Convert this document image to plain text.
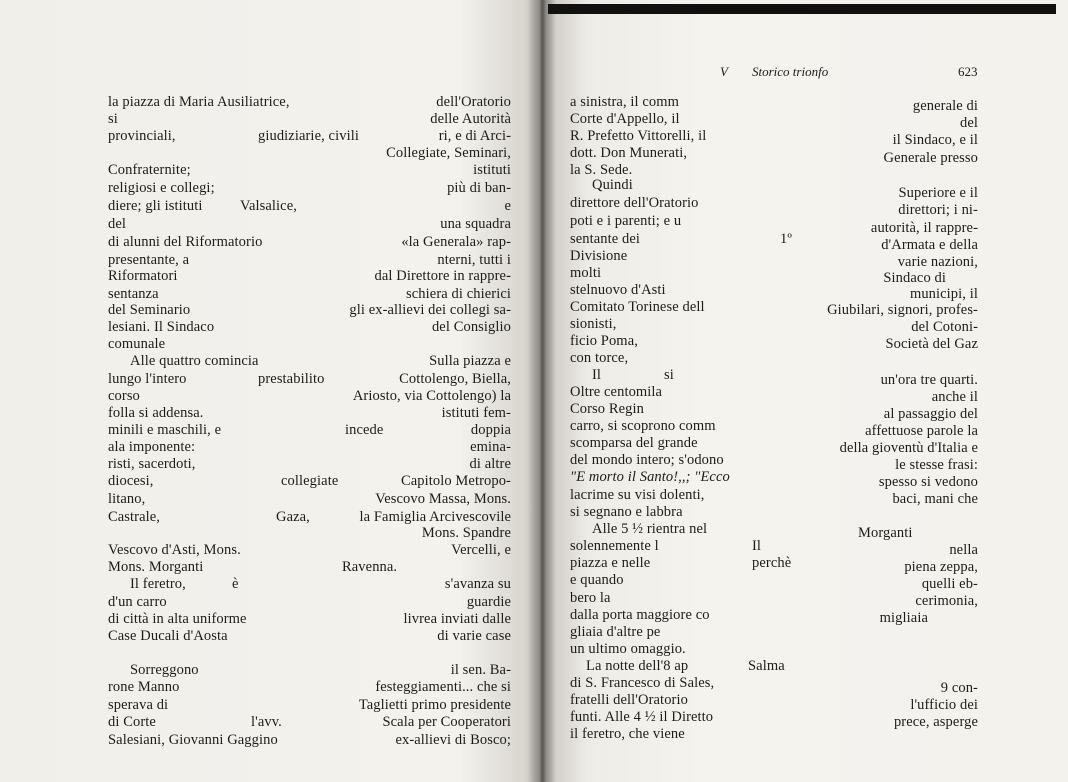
V Storico trionfo	623
la piazza di Maria Ausiliatrice,
si
provinciali,
Confraternite;
religiosi e collegi;
diere; gli istituti
del
di alunni del Riformatorio
presentante, a
Riformatori
sentanza
del Seminario
lesiani. Il Sindaco
comunale
Alle quattro comincia
lungo l'intero
corso
folla si addensa.
minili e maschili, e
ala imponente:
risti, sacerdoti,
diocesi,
litano,
Castrale,
Vescovo d'Asti, Mons.
Mons. Morganti
Il feretro,
d'un carro
di città in alta uniforme
Case Ducali d'Aosta
Sorreggono
rone Manno
sperava di
di Corte
Salesiani, Giovanni Gaggino
giudiziarie, civili
Valsalice,
prestabilito
incede
collegiate
Gaza,
è
l'avv.
dell'Oratorio
delle Autorità
ri, e di Arci-
Collegiate, Seminari,
istituti
più di ban-
e
una squadra
«la Generala» rap-
nterni, tutti i
dal Direttore in rappre-
schiera di chierici
gli ex-allievi dei collegi sa-
del Consiglio
Sulla piazza e
Cottolengo, Biella,
Ariosto, via Cottolengo) la
istituti fem-
doppia
emina-
di altre
Capitolo Metropo-
Vescovo Massa, Mons.
la Famiglia Arcivescovile
Mons. Spandre
Vercelli, e
Ravenna.
s'avanza su
guardie
livrea inviati dalle
di varie case
il sen. Ba-
festeggiamenti... che si
Taglietti primo presidente
Scala per Cooperatori
ex-allievi di Bosco;
a sinistra, il comm
Corte d'Appello, il
R. Prefetto Vittorelli, il
dott. Don Munerati,
la S. Sede.
Quindi
direttore dell'Oratorio
poti e i parenti; e u
sentante dei
Divisione
molti
stelnuovo d'Asti
Comitato Torinese dell
sionisti,
ficio Poma,
con torce,
Il
Oltre centomila
Corso Regin
carro, si scoprono comm
scomparsa del grande
del mondo intero; s'odono
"E morto il Santo!,,; "Ecco
lacrime su visi dolenti,
si segnano e labbra
Alle 5 ½ rientra nel
solennemente l
piazza e nelle
e quando
bero la
dalla porta maggiore co
gliaia d'altre pe
un ultimo omaggio.
La notte dell'8 ap
di S. Francesco di Sales,
fratelli dell'Oratorio
funti. Alle 4 ½ il Diretto
il feretro, che viene
1º
si
Il
perchè
Salma
generale di
del
il Sindaco, e il
Generale presso
Superiore e il
direttori; i ni-
autorità, il rappre-
d'Armata e della
varie nazioni,
Sindaco di
municipi, il
Giubilari, signori, profes-
del Cotoni-
Società del Gaz
un'ora tre quarti.
anche il
al passaggio del
affettuose parole la
della gioventù d'Italia e
le stesse frasi:
spesso si vedono
baci, mani che
Morganti
nella
piena zeppa,
quelli eb-
cerimonia,
migliaia
9 con-
l'ufficio dei
prece, asperge
